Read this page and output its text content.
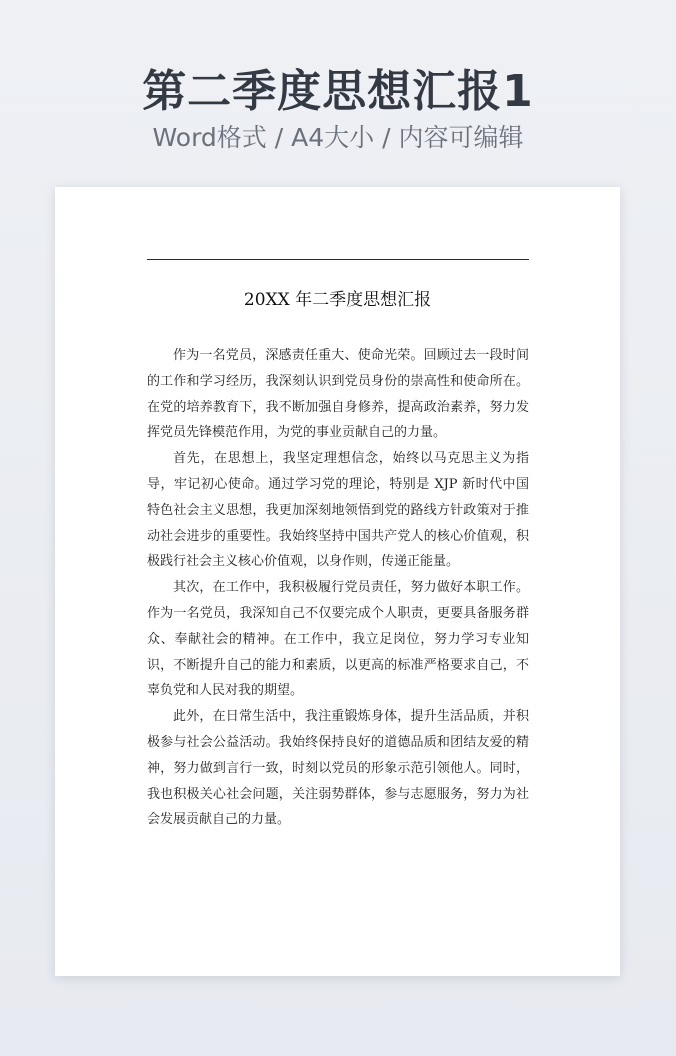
第二季度思想汇报1
Word格式 / A4大小 / 内容可编辑
20XX 年二季度思想汇报

作为一名党员，深感责任重大、使命光荣。回顾过去一段时间的工作和学习经历，我深刻认识到党员身份的崇高性和使命所在。在党的培养教育下，我不断加强自身修养，提高政治素养，努力发挥党员先锋模范作用，为党的事业贡献自己的力量。

首先，在思想上，我坚定理想信念，始终以马克思主义为指导，牢记初心使命。通过学习党的理论，特别是 XJP 新时代中国特色社会主义思想，我更加深刻地领悟到党的路线方针政策对于推动社会进步的重要性。我始终坚持中国共产党人的核心价值观，积极践行社会主义核心价值观，以身作则，传递正能量。

其次，在工作中，我积极履行党员责任，努力做好本职工作。作为一名党员，我深知自己不仅要完成个人职责，更要具备服务群众、奉献社会的精神。在工作中，我立足岗位，努力学习专业知识，不断提升自己的能力和素质，以更高的标准严格要求自己，不辜负党和人民对我的期望。

此外，在日常生活中，我注重锻炼身体，提升生活品质，并积极参与社会公益活动。我始终保持良好的道德品质和团结友爱的精神，努力做到言行一致，时刻以党员的形象示范引领他人。同时，我也积极关心社会问题，关注弱势群体，参与志愿服务，努力为社会发展贡献自己的力量。
